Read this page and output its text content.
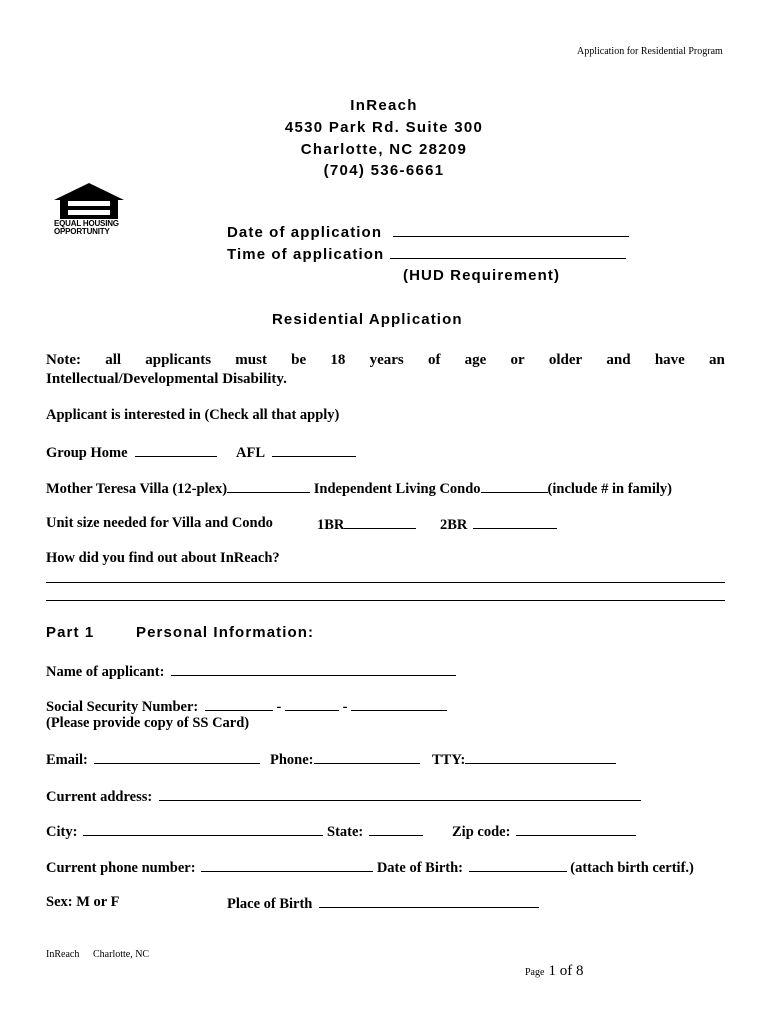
Application for Residential Program
InReach
4530 Park Rd. Suite 300
Charlotte, NC 28209
(704) 536-6661
EQUAL HOUSING
OPPORTUNITY	Date of application
Time of application
(HUD Requirement)
Residential Application
Note: all applicants must be 18 years of age or older and have an
Intellectual/Developmental Disability.
Applicant is interested in (Check all that apply)
Group Home	AFL
Mother Teresa Villa (12-plex)	Independent Living Condo	(include # in family)
Unit size needed for Villa and Condo	1BR	2BR
How did you find out about InReach?
Part 1	Personal Information:
Name of applicant:
Social Security Number:	-	-
(Please provide copy of SS Card)
Email:	Phone:	TTY:
Current address:
City:	State:	Zip code:
Current phone number:	Date of Birth:	(attach birth certif.)
Sex: M or F	Place of Birth
InReach Charlotte, NC
Page 1 of 8
